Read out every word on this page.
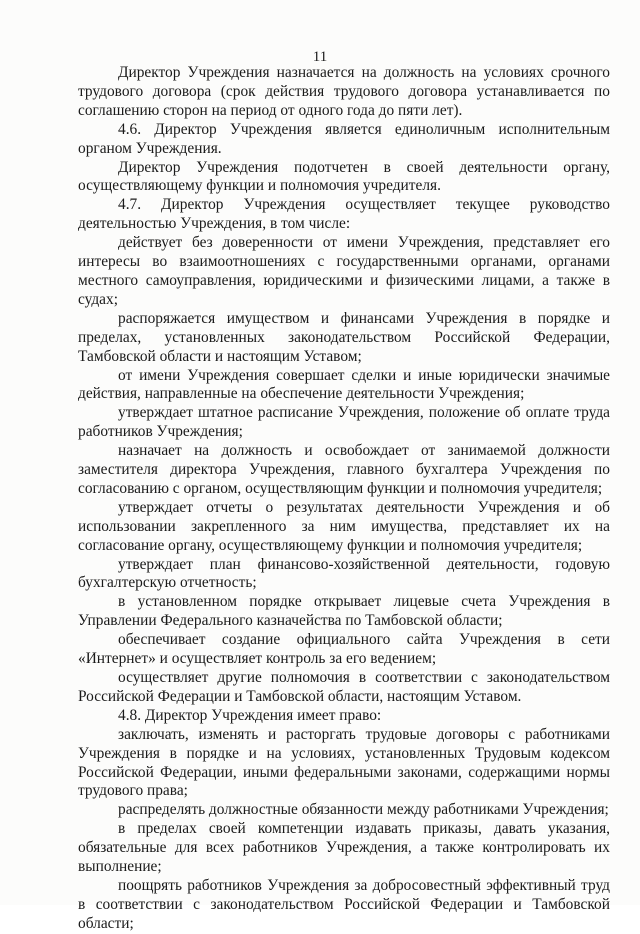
11

Директор Учреждения назначается на должность на условиях срочного трудового договора (срок действия трудового договора устанавливается по соглашению сторон на период от одного года до пяти лет).

4.6. Директор Учреждения является единоличным исполнительным органом Учреждения.

Директор Учреждения подотчетен в своей деятельности органу, осуществляющему функции и полномочия учредителя.

4.7. Директор Учреждения осуществляет текущее руководство деятельностью Учреждения, в том числе:

действует без доверенности от имени Учреждения, представляет его интересы во взаимоотношениях с государственными органами, органами местного самоуправления, юридическими и физическими лицами, а также в судах;

распоряжается имуществом и финансами Учреждения в порядке и пределах, установленных законодательством Российской Федерации, Тамбовской области и настоящим Уставом;

от имени Учреждения совершает сделки и иные юридически значимые действия, направленные на обеспечение деятельности Учреждения;

утверждает штатное расписание Учреждения, положение об оплате труда работников Учреждения;

назначает на должность и освобождает от занимаемой должности заместителя директора Учреждения, главного бухгалтера Учреждения по согласованию с органом, осуществляющим функции и полномочия учредителя;

утверждает отчеты о результатах деятельности Учреждения и об использовании закрепленного за ним имущества, представляет их на согласование органу, осуществляющему функции и полномочия учредителя;

утверждает план финансово-хозяйственной деятельности, годовую бухгалтерскую отчетность;

в установленном порядке открывает лицевые счета Учреждения в Управлении Федерального казначейства по Тамбовской области;

обеспечивает создание официального сайта Учреждения в сети «Интернет» и осуществляет контроль за его ведением;

осуществляет другие полномочия в соответствии с законодательством Российской Федерации и Тамбовской области, настоящим Уставом.

4.8. Директор Учреждения имеет право:

заключать, изменять и расторгать трудовые договоры с работниками Учреждения в порядке и на условиях, установленных Трудовым кодексом Российской Федерации, иными федеральными законами, содержащими нормы трудового права;

распределять должностные обязанности между работниками Учреждения;

в пределах своей компетенции издавать приказы, давать указания, обязательные для всех работников Учреждения, а также контролировать их выполнение;

поощрять работников Учреждения за добросовестный эффективный труд в соответствии с законодательством Российской Федерации и Тамбовской области;
